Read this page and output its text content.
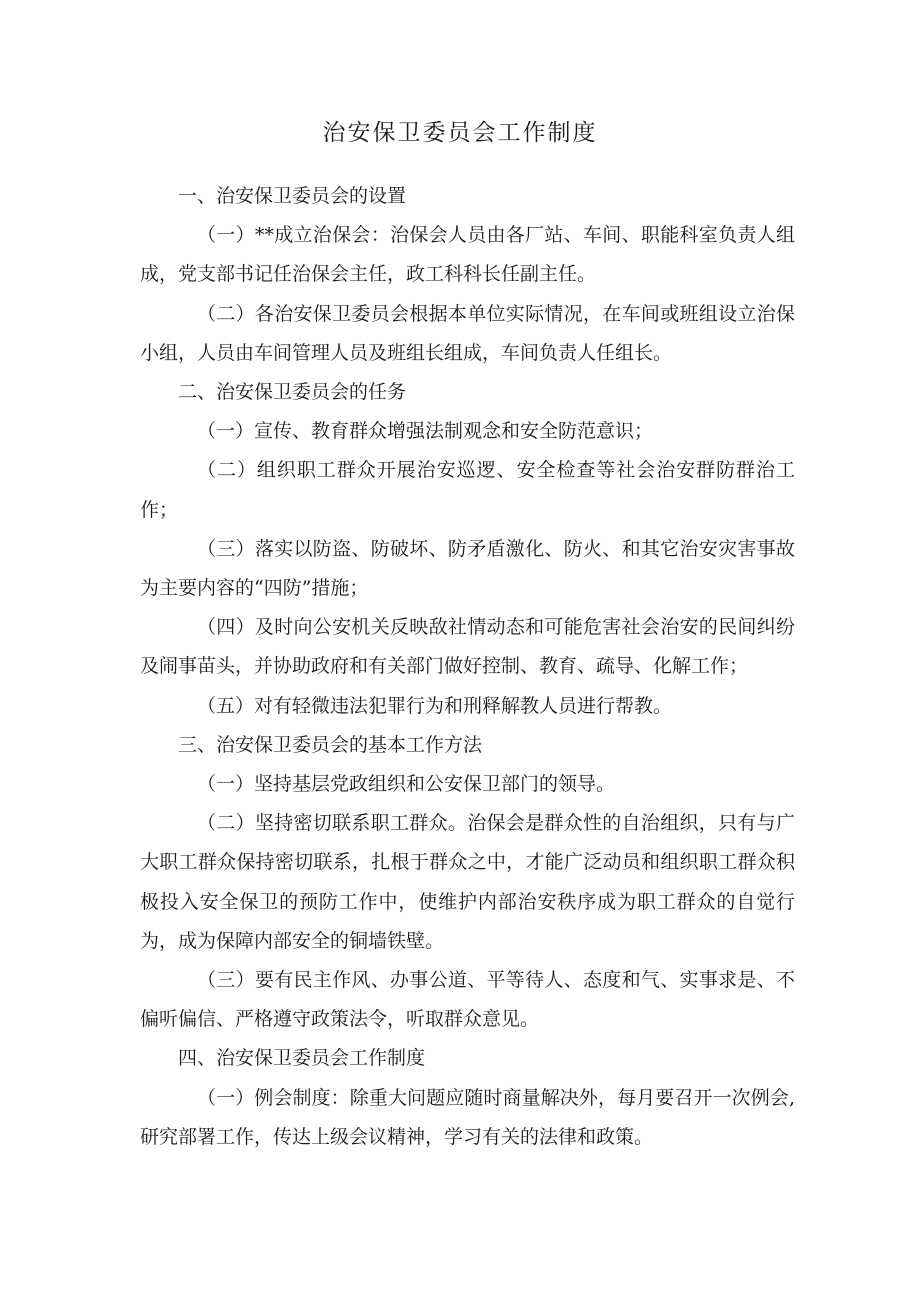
治安保卫委员会工作制度

一、治安保卫委员会的设置

（一）**成立治保会：治保会人员由各厂站、车间、职能科室负责人组成，党支部书记任治保会主任，政工科科长任副主任。

（二）各治安保卫委员会根据本单位实际情况，在车间或班组设立治保小组，人员由车间管理人员及班组长组成，车间负责人任组长。

二、治安保卫委员会的任务

（一）宣传、教育群众增强法制观念和安全防范意识；

（二）组织职工群众开展治安巡逻、安全检查等社会治安群防群治工作；

（三）落实以防盗、防破坏、防矛盾激化、防火、和其它治安灾害事故为主要内容的“四防”措施；

（四）及时向公安机关反映敌社情动态和可能危害社会治安的民间纠纷及闹事苗头，并协助政府和有关部门做好控制、教育、疏导、化解工作；

（五）对有轻微违法犯罪行为和刑释解教人员进行帮教。

三、治安保卫委员会的基本工作方法

（一）坚持基层党政组织和公安保卫部门的领导。

（二）坚持密切联系职工群众。治保会是群众性的自治组织，只有与广大职工群众保持密切联系，扎根于群众之中，才能广泛动员和组织职工群众积极投入安全保卫的预防工作中，使维护内部治安秩序成为职工群众的自觉行为，成为保障内部安全的铜墙铁壁。

（三）要有民主作风、办事公道、平等待人、态度和气、实事求是、不偏听偏信、严格遵守政策法令，听取群众意见。

四、治安保卫委员会工作制度

（一）例会制度：除重大问题应随时商量解决外，每月要召开一次例会,研究部署工作，传达上级会议精神，学习有关的法律和政策。
